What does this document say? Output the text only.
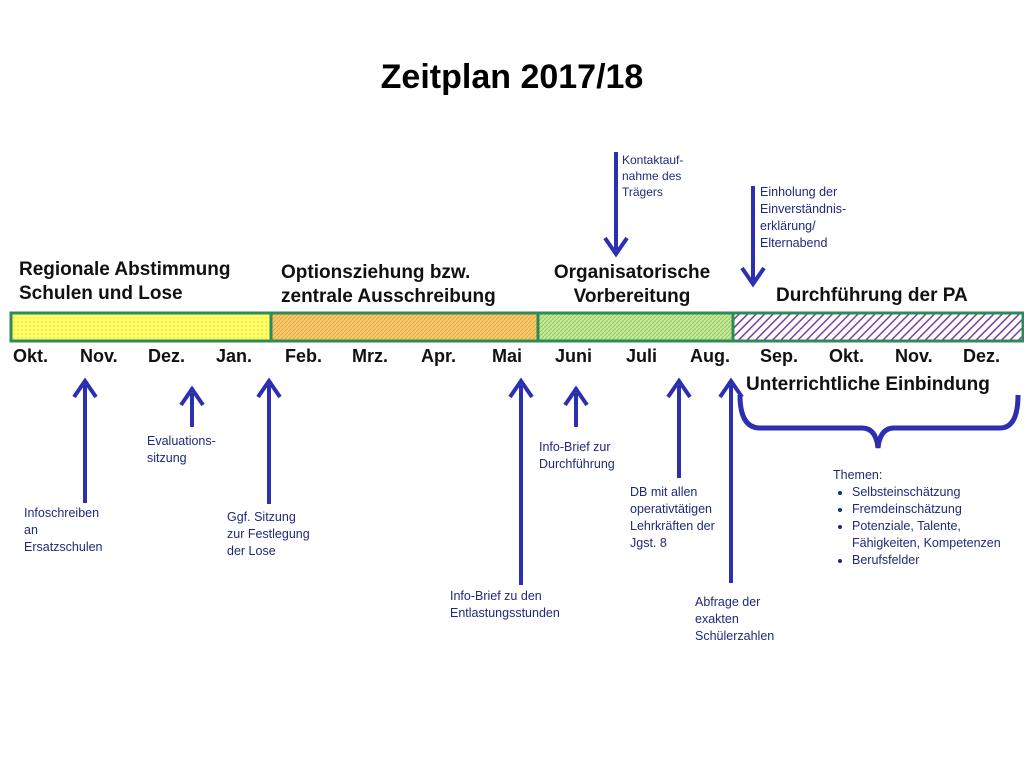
Zeitplan 2017/18
Regionale Abstimmung
Schulen und Lose
Optionsziehung bzw.
zentrale Ausschreibung
Organisatorische
Vorbereitung	Durchführung der PA
Okt. Nov. Dez. Jan. Feb. Mrz. Apr. Mai Juni Juli Aug. Sep. Okt. Nov. Dez.
Unterrichtliche Einbindung
Kontaktauf-
nahme des
Trägers	Einholung der
Einverständnis-
erklärung/
Elternabend
Infoschreiben
an
Ersatzschulen
Evaluations-
sitzung
Ggf. Sitzung
zur Festlegung
der Lose
Info-Brief zu den
Entlastungsstunden
Info-Brief zur
Durchführung
DB mit allen
operativtätigen
Lehrkräften der
Jgst. 8
Abfrage der
exakten
Schülerzahlen
Themen:
• Selbsteinschätzung
• Fremdeinschätzung
• Potenziale, Talente, Fähigkeiten, Kompetenzen
• Berufsfelder
